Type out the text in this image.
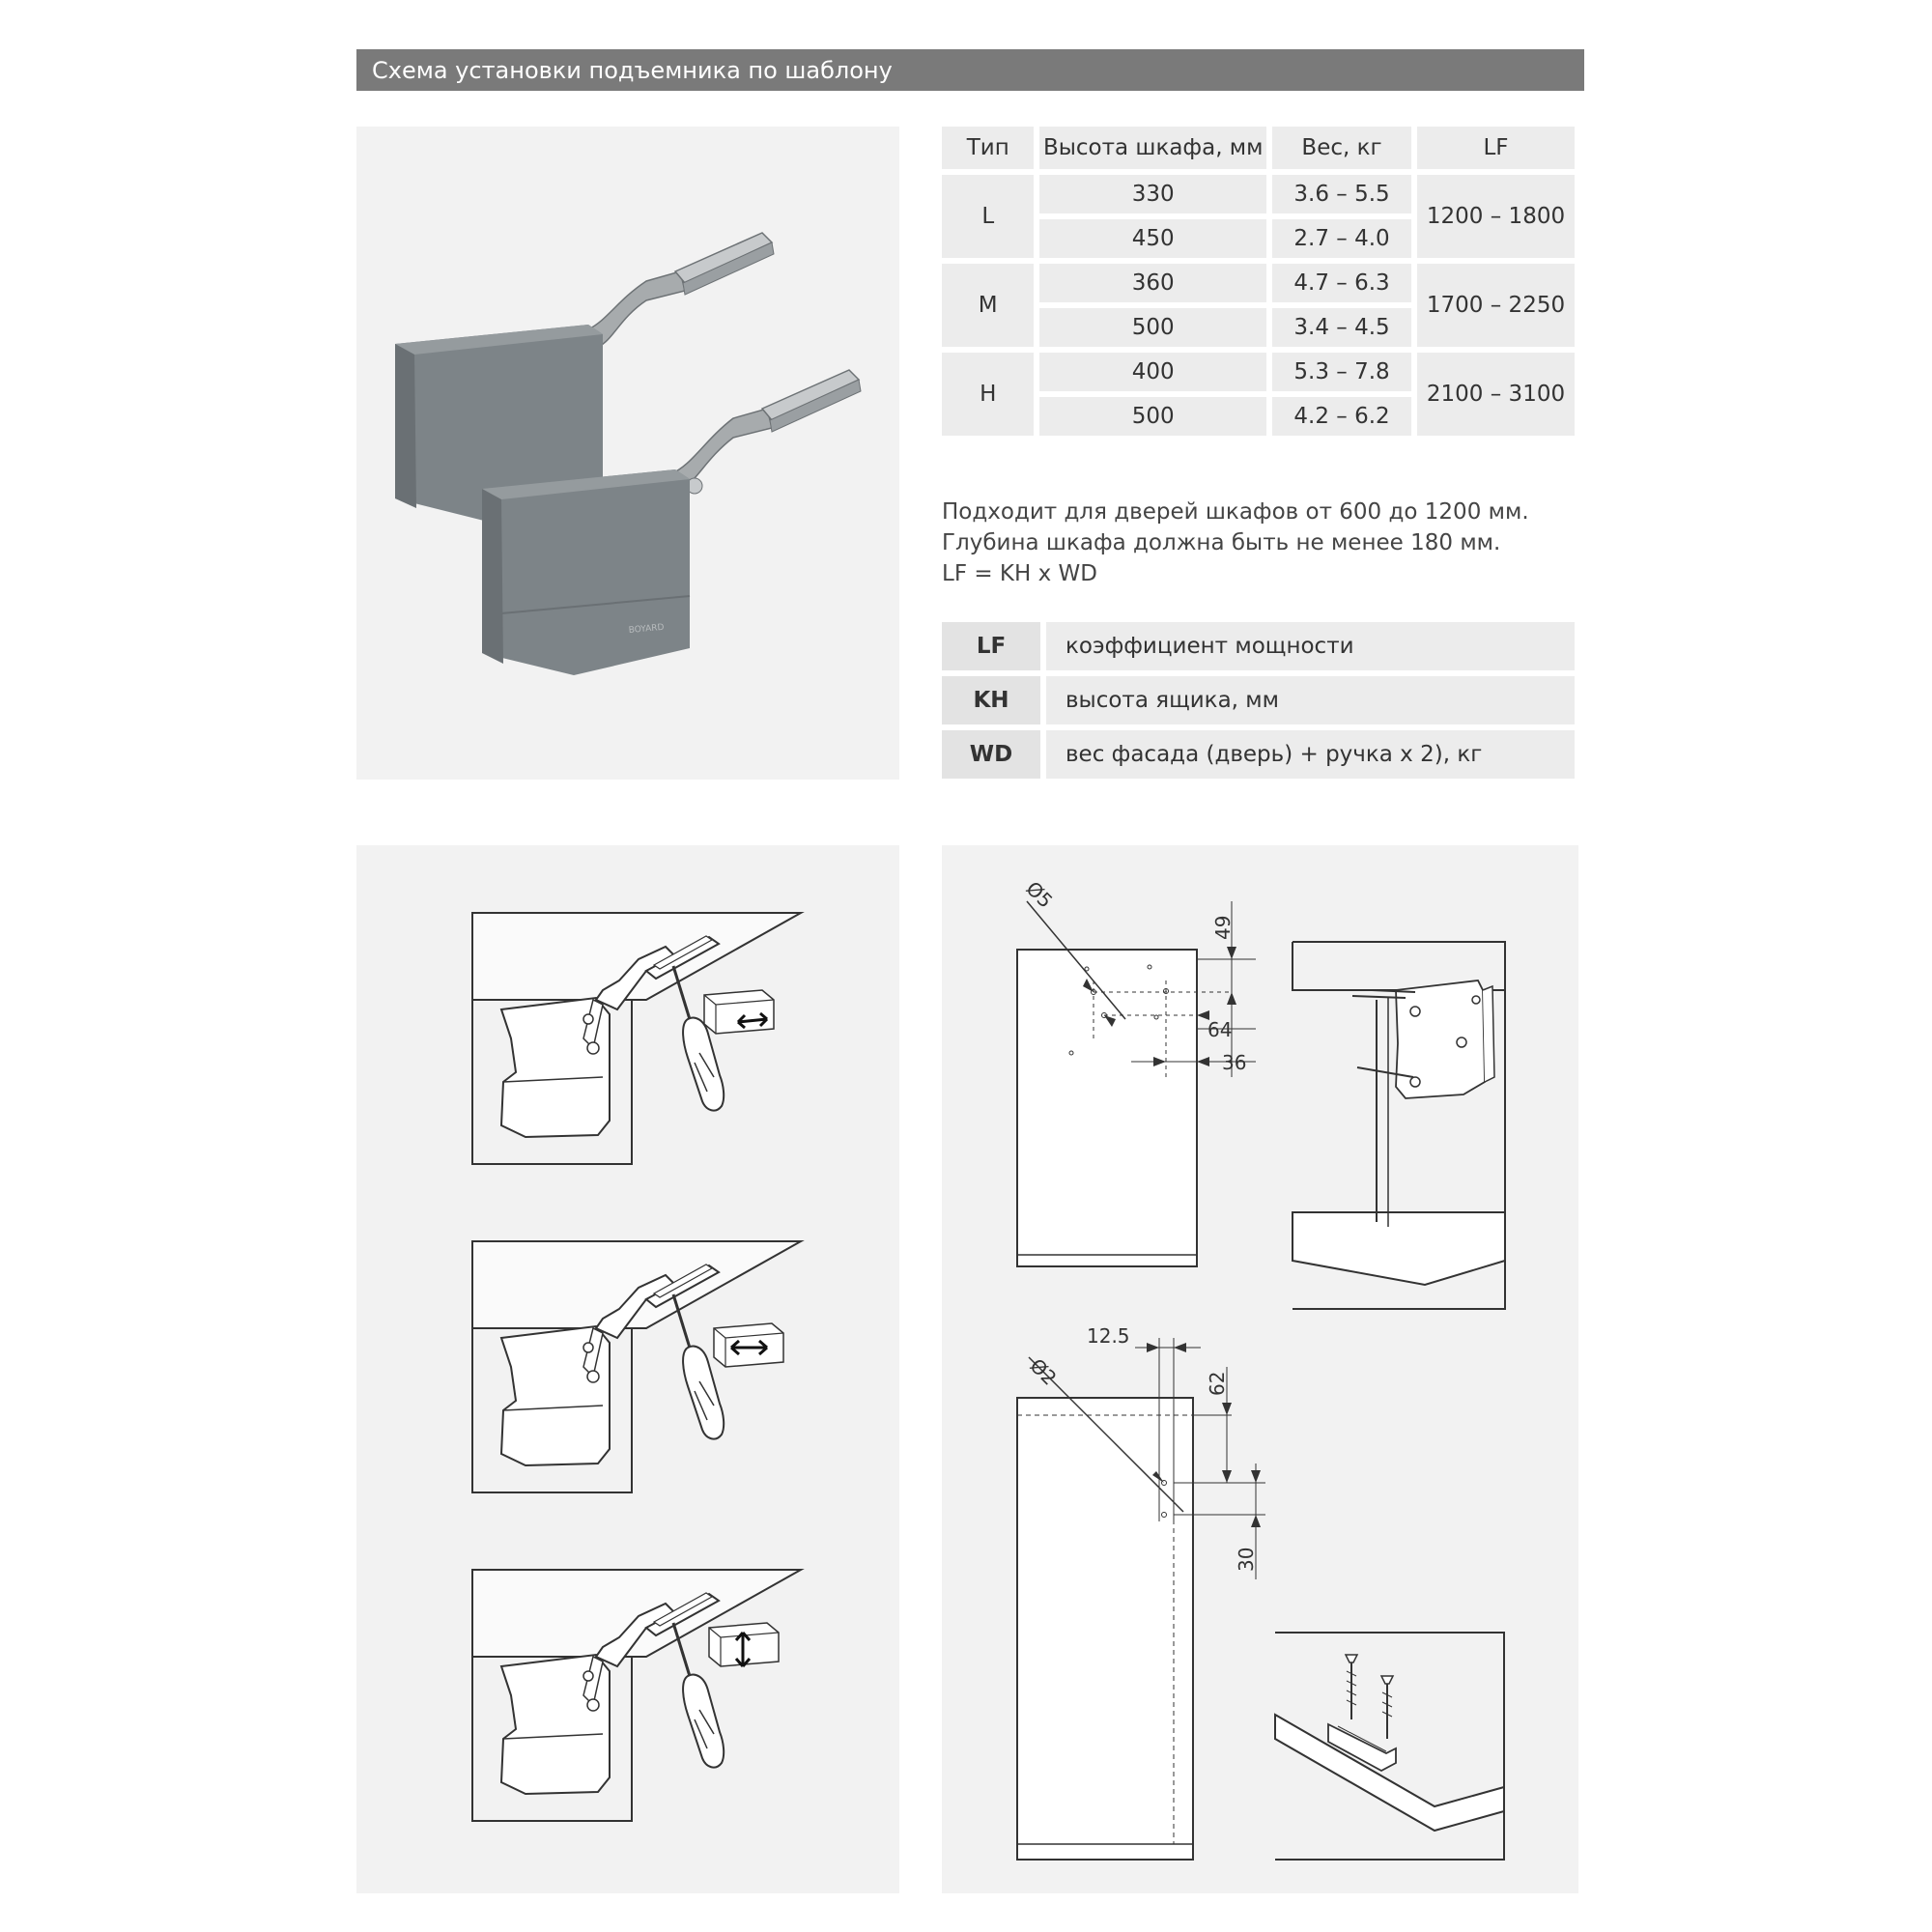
Схема установки подъемника по шаблону
BOYARD
Тип	Высота шкафа, мм	Вес, кг	LF
L	330	3.6 – 5.5	1200 – 1800
	450	2.7 – 4.0	
M	360	4.7 – 6.3	1700 – 2250
	500	3.4 – 4.5	
H	400	5.3 – 7.8	2100 – 3100
	500	4.2 – 6.2	
Подходит для дверей шкафов от 600 до 1200 мм.
Глубина шкафа должна быть не менее 180 мм.
LF = KH x WD
LF	коэффициент мощности
KH	высота ящика, мм
WD	вес фасада (дверь) + ручка x 2), кг
Ø5
49
64
36
12.5
Ø2	62
30
